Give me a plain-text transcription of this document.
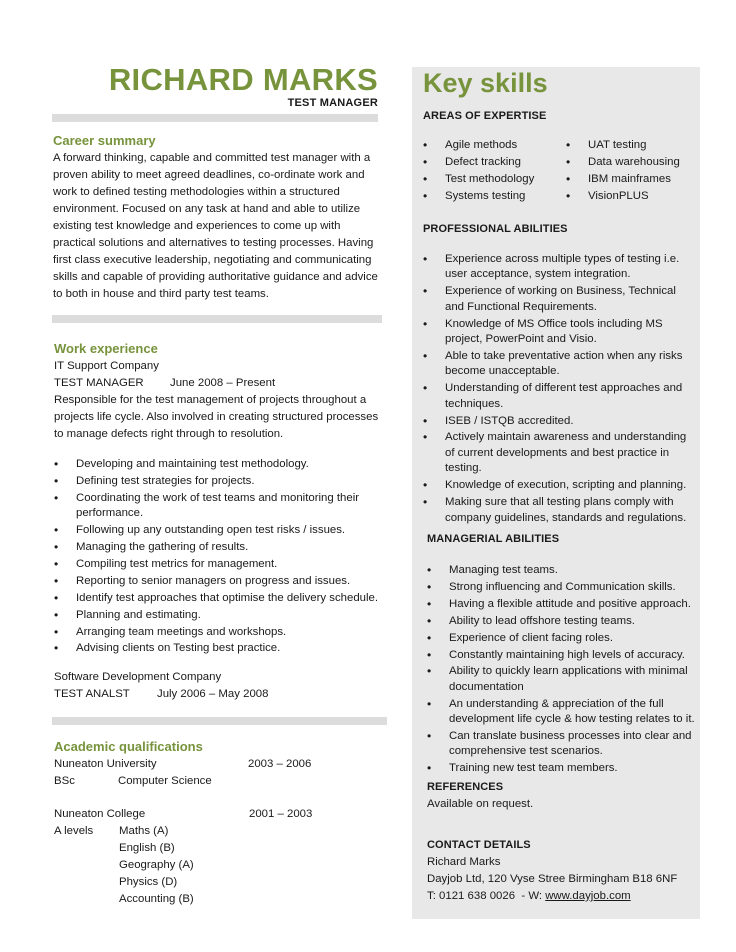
RICHARD MARKS
TEST MANAGER
Career summary
A forward thinking, capable and committed test manager with a proven ability to meet agreed deadlines, co-ordinate work and work to defined testing methodologies within a structured environment. Focused on any task at hand and able to utilize existing test knowledge and experiences to come up with practical solutions and alternatives to testing processes. Having first class executive leadership, negotiating and communicating skills and capable of providing authoritative guidance and advice to both in house and third party test teams.
Work experience
IT Support Company
TEST MANAGER June 2008 – Present
Responsible for the test management of projects throughout a projects life cycle. Also involved in creating structured processes to manage defects right through to resolution.
• Developing and maintaining test methodology.
• Defining test strategies for projects.
• Coordinating the work of test teams and monitoring their performance.
• Following up any outstanding open test risks / issues.
• Managing the gathering of results.
• Compiling test metrics for management.
• Reporting to senior managers on progress and issues.
• Identify test approaches that optimise the delivery schedule.
• Planning and estimating.
• Arranging team meetings and workshops.
• Advising clients on Testing best practice.
Software Development Company
TEST ANALST July 2006 – May 2008
Academic qualifications
Nuneaton University	2003 – 2006
BSc	Computer Science
Nuneaton College	2001 – 2003
A levels Maths (A)
English (B)
Geography (A)
Physics (D)
Accounting (B)
Key skills
AREAS OF EXPERTISE
• Agile methods
• Defect tracking
• Test methodology
• Systems testing
• UAT testing
• Data warehousing
• IBM mainframes
• VisionPLUS
PROFESSIONAL ABILITIES
• Experience across multiple types of testing i.e. user acceptance, system integration.
• Experience of working on Business, Technical and Functional Requirements.
• Knowledge of MS Office tools including MS project, PowerPoint and Visio.
• Able to take preventative action when any risks become unacceptable.
• Understanding of different test approaches and techniques.
• ISEB / ISTQB accredited.
• Actively maintain awareness and understanding of current developments and best practice in testing.
• Knowledge of execution, scripting and planning.
• Making sure that all testing plans comply with company guidelines, standards and regulations.
MANAGERIAL ABILITIES
• Managing test teams.
• Strong influencing and Communication skills.
• Having a flexible attitude and positive approach.
• Ability to lead offshore testing teams.
• Experience of client facing roles.
• Constantly maintaining high levels of accuracy.
• Ability to quickly learn applications with minimal documentation
• An understanding & appreciation of the full development life cycle & how testing relates to it.
• Can translate business processes into clear and comprehensive test scenarios.
• Training new test team members.
REFERENCES
Available on request.
CONTACT DETAILS
Richard Marks
Dayjob Ltd, 120 Vyse Stree Birmingham B18 6NF
T: 0121 638 0026  - W: www.dayjob.com
